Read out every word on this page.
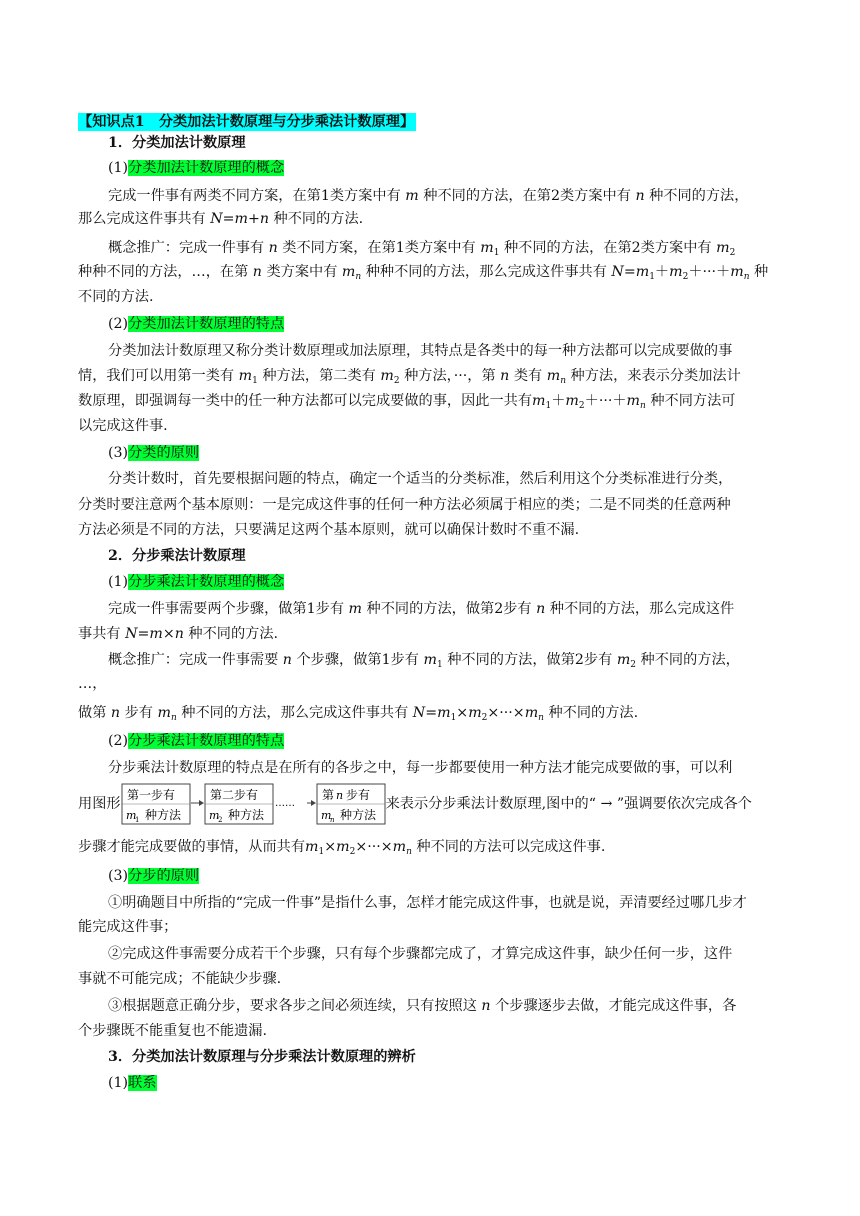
【知识点1　分类加法计数原理与分步乘法计数原理】
1．分类加法计数原理
(1)分类加法计数原理的概念
完成一件事有两类不同方案，在第1类方案中有 m 种不同的方法，在第2类方案中有 n 种不同的方法，
那么完成这件事共有 N=m+n 种不同的方法.
概念推广：完成一件事有 n 类不同方案，在第1类方案中有 $m_1$ 种不同的方法，在第2类方案中有 $m_2$
种种不同的方法，…，在第 n 类方案中有 $m_n$ 种种不同的方法，那么完成这件事共有 $N=m_1+m_2+\cdot\cdot\cdot+m_n$ 种
不同的方法.
(2)分类加法计数原理的特点
分类加法计数原理又称分类计数原理或加法原理，其特点是各类中的每一种方法都可以完成要做的事
情，我们可以用第一类有 $m_1$ 种方法，第二类有 $m_2$ 种方法，···，第 n 类有 $m_n$ 种方法，来表示分类加法计
数原理，即强调每一类中的任一种方法都可以完成要做的事，因此一共有$m_1+m_2+\cdot\cdot\cdot+m_n$ 种不同方法可
以完成这件事.
(3)分类的原则
分类计数时，首先要根据问题的特点，确定一个适当的分类标准，然后利用这个分类标准进行分类，
分类时要注意两个基本原则：一是完成这件事的任何一种方法必须属于相应的类；二是不同类的任意两种
方法必须是不同的方法，只要满足这两个基本原则，就可以确保计数时不重不漏.
2．分步乘法计数原理
(1)分步乘法计数原理的概念
完成一件事需要两个步骤，做第1步有 m 种不同的方法，做第2步有 n 种不同的方法，那么完成这件
事共有 N=m×n 种不同的方法.
概念推广：完成一件事需要 n 个步骤，做第1步有 $m_1$ 种不同的方法，做第2步有 $m_2$ 种不同的方法，
…，
做第 n 步有 $m_n$ 种不同的方法，那么完成这件事共有 $N=m_1\times m_2\times\cdot\cdot\cdot\times m_n$ 种不同的方法.
(2)分步乘法计数原理的特点
分步乘法计数原理的特点是在所有的各步之中，每一步都要使用一种方法才能完成要做的事，可以利
用图形
第一步有
m
1 种方法
第二步有
m
2 种方法
……
第 n 步有
m
n 种方法
来表示分步乘法计数原理,图中的“ → ”强调要依次完成各个
步骤才能完成要做的事情，从而共有$m_1\times m_2\times\cdot\cdot\cdot\times m_n$ 种不同的方法可以完成这件事.
(3)分步的原则
①明确题目中所指的“完成一件事”是指什么事，怎样才能完成这件事，也就是说，弄清要经过哪几步才
能完成这件事；
②完成这件事需要分成若干个步骤，只有每个步骤都完成了，才算完成这件事，缺少任何一步，这件
事就不可能完成；不能缺少步骤.
③根据题意正确分步，要求各步之间必须连续，只有按照这 n 个步骤逐步去做，才能完成这件事，各
个步骤既不能重复也不能遗漏.
3．分类加法计数原理与分步乘法计数原理的辨析
(1)联系
